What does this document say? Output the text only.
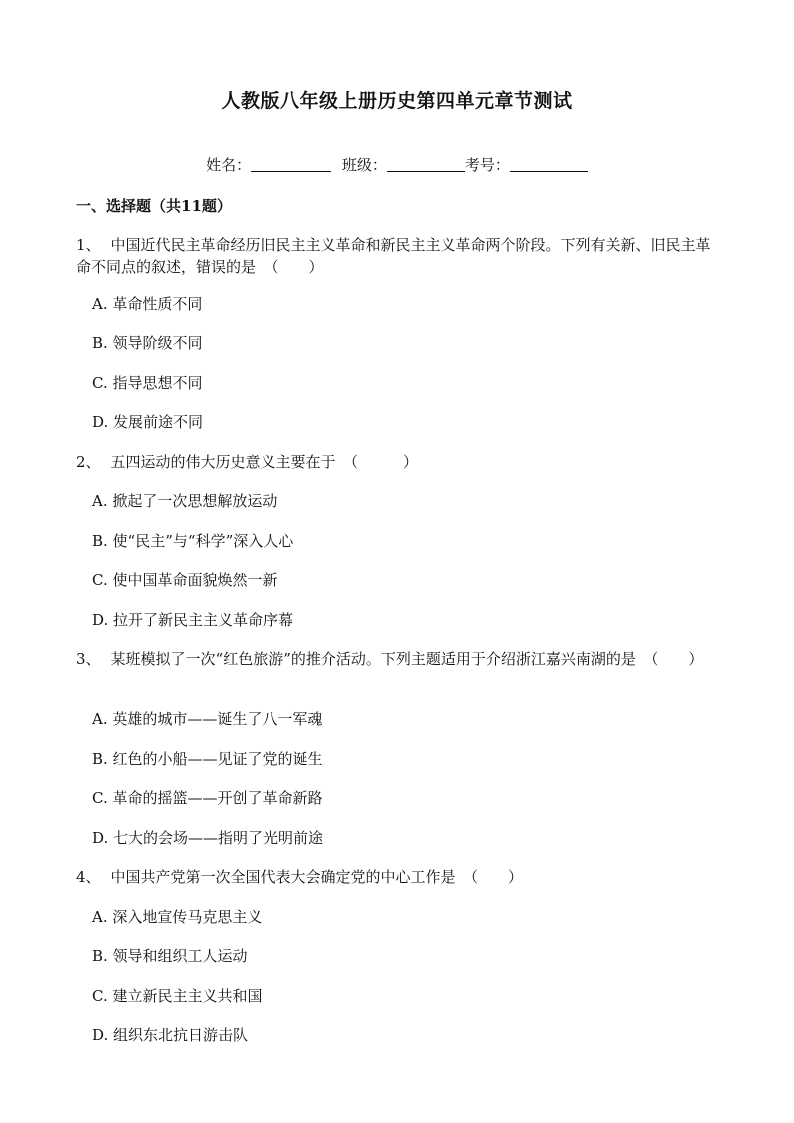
人教版八年级上册历史第四单元章节测试
姓名：	班级：	考号：
一、选择题（共11题）
1、 中国近代民主革命经历旧民主主义革命和新民主主义革命两个阶段。下列有关新、旧民主革命不同点的叙述，错误的是　（　　）
A. 革命性质不同
B. 领导阶级不同
C. 指导思想不同
D. 发展前途不同
2、 五四运动的伟大历史意义主要在于　（　　　）
A. 掀起了一次思想解放运动
B. 使“民主”与“科学”深入人心
C. 使中国革命面貌焕然一新
D. 拉开了新民主主义革命序幕
3、 某班模拟了一次“红色旅游”的推介活动。下列主题适用于介绍浙江嘉兴南湖的是　（　　）
A. 英雄的城市——诞生了八一军魂
B. 红色的小船——见证了党的诞生
C. 革命的摇篮——开创了革命新路
D. 七大的会场——指明了光明前途
4、 中国共产党第一次全国代表大会确定党的中心工作是　（　　）
A. 深入地宣传马克思主义
B. 领导和组织工人运动
C. 建立新民主主义共和国
D. 组织东北抗日游击队
